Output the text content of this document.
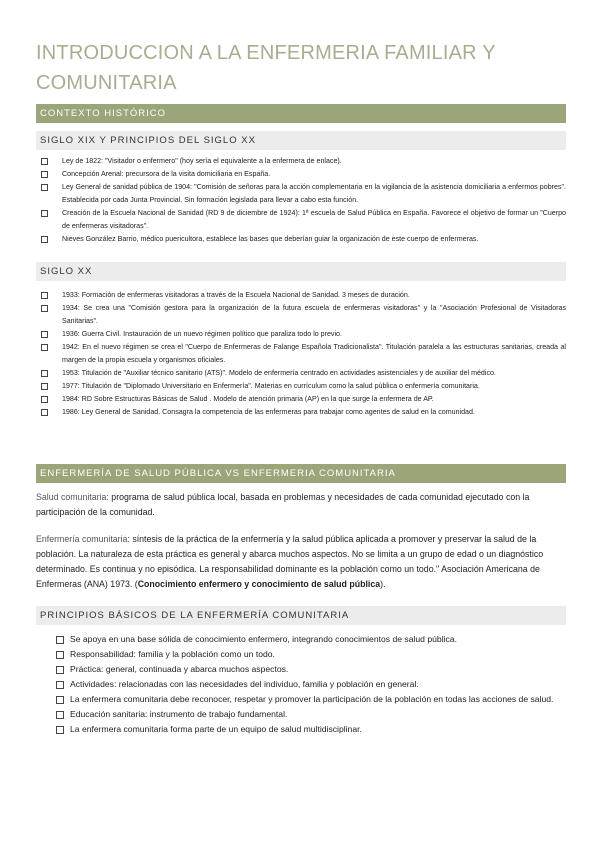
INTRODUCCION A LA ENFERMERIA FAMILIAR Y COMUNITARIA
CONTEXTO HISTÓRICO
SIGLO XIX Y PRINCIPIOS DEL SIGLO XX
Ley de 1822: "Visitador o enfermero" (hoy sería el equivalente a la enfermera de enlace).
Concepción Arenal: precursora de la visita domiciliaria en España.
Ley General de sanidad pública de 1904: "Comisión de señoras para la acción complementaria en la vigilancia de la asistencia domiciliaria a enfermos pobres". Establecida por cada Junta Provincial. Sin formación legislada para llevar a cabo esta función.
Creación de la Escuela Nacional de Sanidad (RD 9 de diciembre de 1924): 1ª escuela de Salud Pública en España. Favorece el objetivo de formar un "Cuerpo de enfermeras visitadoras".
Nieves González Barrio, médico puericultora, establece las bases que deberían guiar la organización de este cuerpo de enfermeras.
SIGLO XX
1933: Formación de enfermeras visitadoras a través de la Escuela Nacional de Sanidad. 3 meses de duración.
1934: Se crea una "Comisión gestora para la organización de la futura escuela de enfermeras visitadoras" y la "Asociación Profesional de Visitadoras Sanitarias".
1936: Guerra Civil. Instauración de un nuevo régimen político que paraliza todo lo previo.
1942: En el nuevo régimen se crea el "Cuerpo de Enfermeras de Falange Española Tradicionalista". Titulación paralela a las estructuras sanitarias, creada al margen de la propia escuela y organismos oficiales.
1953: Titulación de "Auxiliar técnico sanitario (ATS)". Modelo de enfermería centrado en actividades asistenciales y de auxiliar del médico.
1977: Titulación de "Diplomado Universitario en Enfermería". Materias en currículum como la salud pública o enfermería comunitaria.
1984: RD Sobre Estructuras Básicas de Salud . Modelo de atención primaria (AP) en la que surge la enfermera de AP.
1986: Ley General de Sanidad. Consagra la competencia de las enfermeras para trabajar como agentes de salud en la comunidad.
ENFERMERÍA DE SALUD PÚBLICA VS ENFERMERIA COMUNITARIA

Salud comunitaria: programa de salud pública local, basada en problemas y necesidades de cada comunidad ejecutado con la participación de la comunidad.

Enfermería comunitaria: síntesis de la práctica de la enfermería y la salud pública aplicada a promover y preservar la salud de la población. La naturaleza de esta práctica es general y abarca muchos aspectos. No se limita a un grupo de edad o un diagnóstico determinado. Es continua y no episódica. La responsabilidad dominante es la población como un todo." Asociación Americana de Enfermeras (ANA) 1973. (Conocimiento enfermero y conocimiento de salud pública).

PRINCIPIOS BÁSICOS DE LA ENFERMERÍA COMUNITARIA
Se apoya en una base sólida de conocimiento enfermero, integrando conocimientos de salud pública.
Responsabilidad: familia y la población como un todo.
Práctica: general, continuada y abarca muchos aspectos.
Actividades: relacionadas con las necesidades del individuo, familia y población en general.
La enfermera comunitaria debe reconocer, respetar y promover la participación de la población en todas las acciones de salud.
Educación sanitaria: instrumento de trabajo fundamental.
La enfermera comunitaria forma parte de un equipo de salud multidisciplinar.
